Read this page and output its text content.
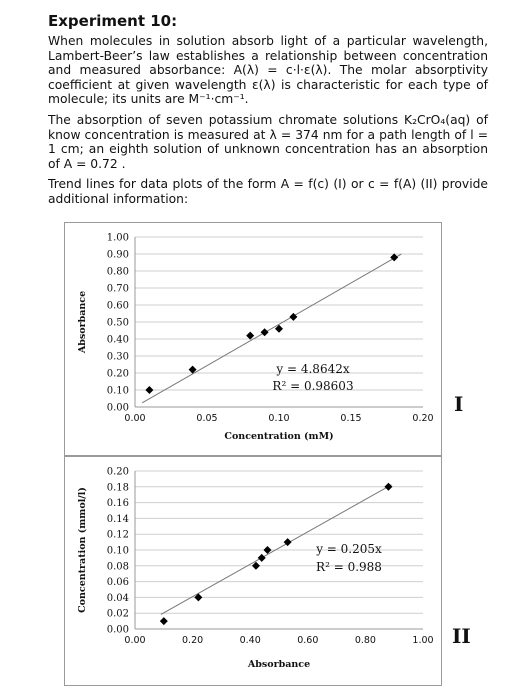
Experiment 10:

When molecules in solution absorb light of a particular wavelength, Lambert-Beer’s law establishes a relationship between concentration and measured absorbance: A(λ) = c·l·ε(λ). The molar absorptivity coefficient at given wavelength ε(λ) is characteristic for each type of molecule; its units are M⁻¹·cm⁻¹.

The absorption of seven potassium chromate solutions K₂CrO₄(aq) of know concentration is measured at λ = 374 nm for a path length of l = 1 cm; an eighth solution of unknown concentration has an absorption of A = 0.72 .

Trend lines for data plots of the form A = f(c) (I) or c = f(A) (II) provide additional information:

0.00
0.10
0.20
0.30
0.40
0.50
0.60
0.70
0.80
0.90
1.00
0.00	0.05	0.10	0.15	0.20
Concentration (mM)
Absorbance
y = 4.8642x
R² = 0.98603
I
0.00
0.02
0.04
0.06
0.08
0.10
0.12
0.14
0.16
0.18
0.20
0.00	0.20	0.40	0.60	0.80	1.00
Absorbance
Concentration (mmol/l)	y = 0.205x
R² = 0.988
II
